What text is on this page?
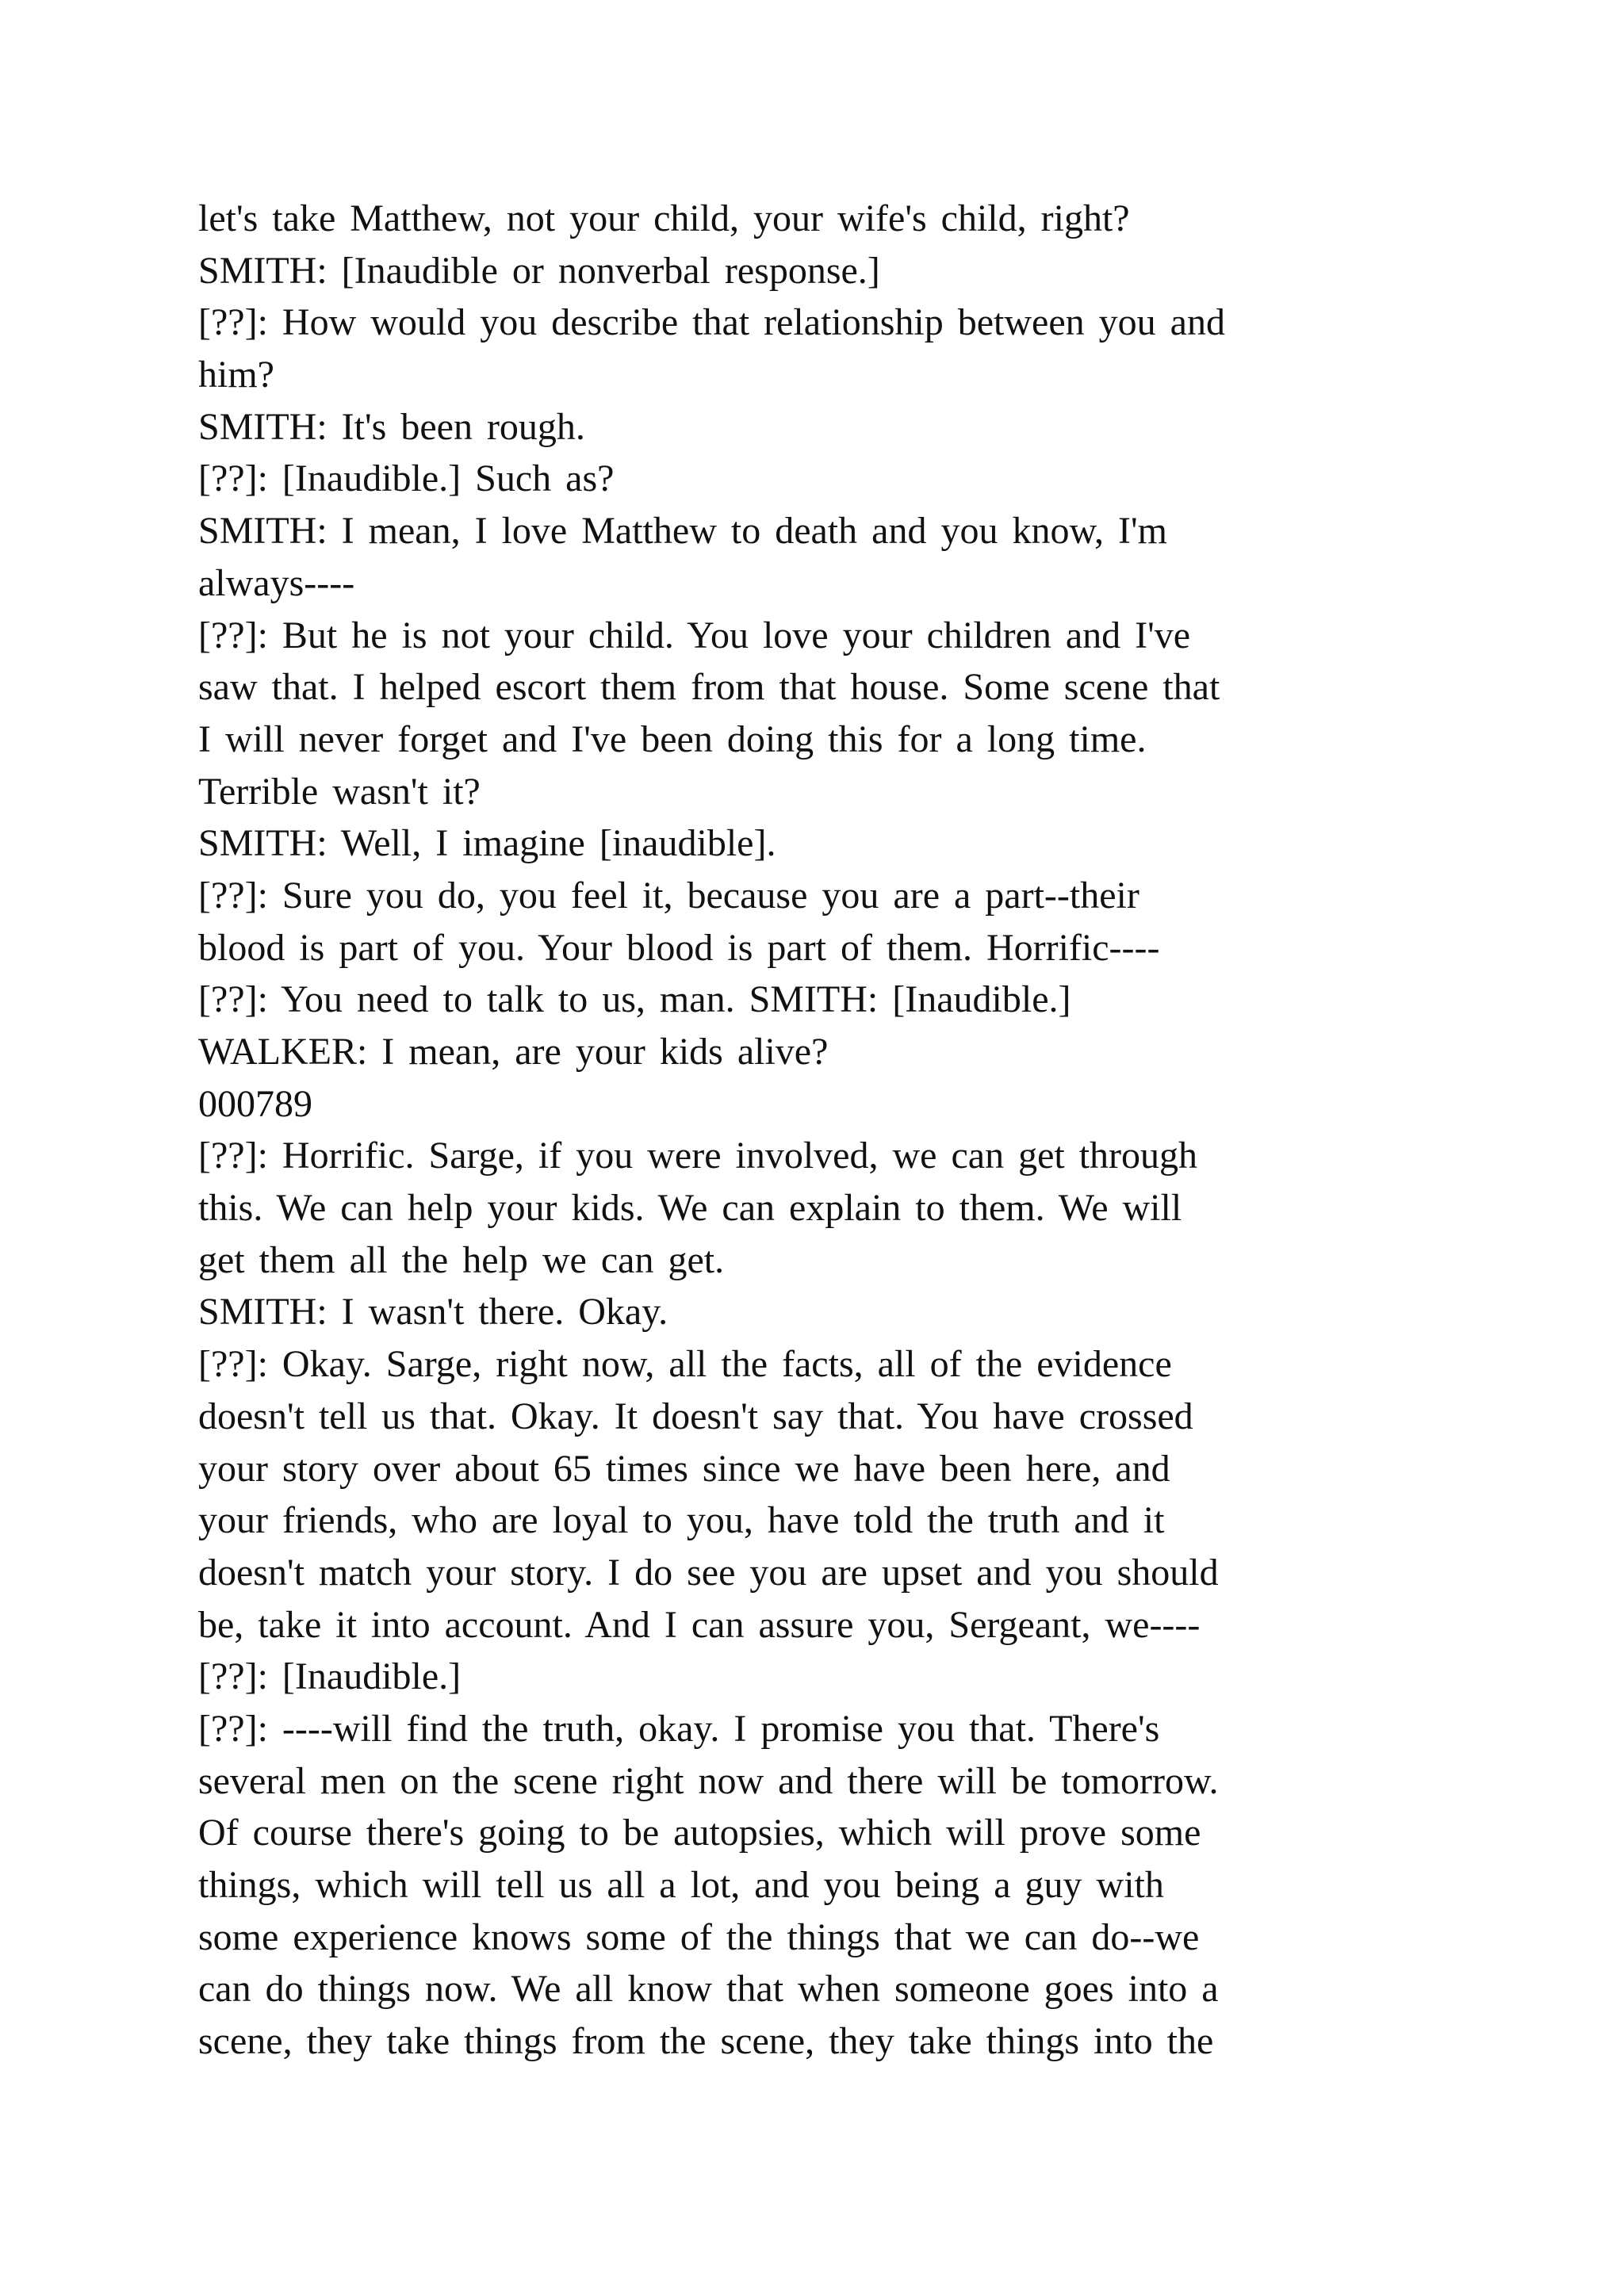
let's take Matthew, not your child, your wife's child, right?
SMITH: [Inaudible or nonverbal response.]
[??]: How would you describe that relationship between you and
him?
SMITH: It's been rough.
[??]: [Inaudible.] Such as?
SMITH: I mean, I love Matthew to death and you know, I'm
always----
[??]: But he is not your child. You love your children and I've
saw that. I helped escort them from that house. Some scene that
I will never forget and I've been doing this for a long time.
Terrible wasn't it?
SMITH: Well, I imagine [inaudible].
[??]: Sure you do, you feel it, because you are a part--their
blood is part of you. Your blood is part of them. Horrific----
[??]: You need to talk to us, man. SMITH: [Inaudible.]
WALKER: I mean, are your kids alive?
000789
[??]: Horrific. Sarge, if you were involved, we can get through
this. We can help your kids. We can explain to them. We will
get them all the help we can get.
SMITH: I wasn't there. Okay.
[??]: Okay. Sarge, right now, all the facts, all of the evidence
doesn't tell us that. Okay. It doesn't say that. You have crossed
your story over about 65 times since we have been here, and
your friends, who are loyal to you, have told the truth and it
doesn't match your story. I do see you are upset and you should
be, take it into account. And I can assure you, Sergeant, we----
[??]: [Inaudible.]
[??]: ----will find the truth, okay. I promise you that. There's
several men on the scene right now and there will be tomorrow.
Of course there's going to be autopsies, which will prove some
things, which will tell us all a lot, and you being a guy with
some experience knows some of the things that we can do--we
can do things now. We all know that when someone goes into a
scene, they take things from the scene, they take things into the
